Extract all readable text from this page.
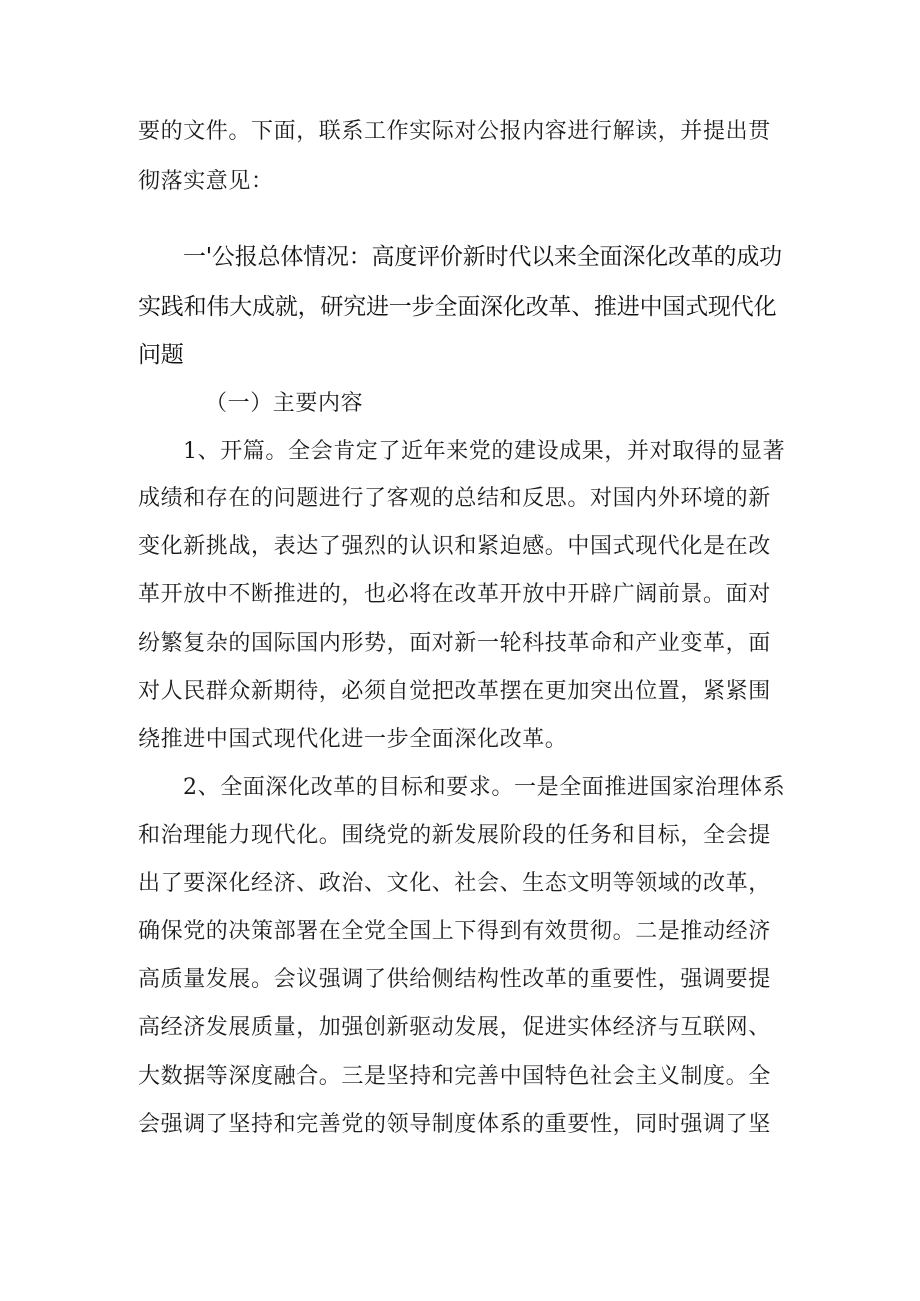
要的文件。下面，联系工作实际对公报内容进行解读，并提出贯
彻落实意见：
一'公报总体情况：高度评价新时代以来全面深化改革的成功
实践和伟大成就，研究进一步全面深化改革、推进中国式现代化
问题
（一）主要内容
1、开篇。全会肯定了近年来党的建设成果，并对取得的显著
成绩和存在的问题进行了客观的总结和反思。对国内外环境的新
变化新挑战，表达了强烈的认识和紧迫感。中国式现代化是在改
革开放中不断推进的，也必将在改革开放中开辟广阔前景。面对
纷繁复杂的国际国内形势，面对新一轮科技革命和产业变革，面
对人民群众新期待，必须自觉把改革摆在更加突出位置，紧紧围
绕推进中国式现代化进一步全面深化改革。
2、全面深化改革的目标和要求。一是全面推进国家治理体系
和治理能力现代化。围绕党的新发展阶段的任务和目标，全会提
出了要深化经济、政治、文化、社会、生态文明等领域的改革，
确保党的决策部署在全党全国上下得到有效贯彻。二是推动经济
高质量发展。会议强调了供给侧结构性改革的重要性，强调要提
高经济发展质量，加强创新驱动发展，促进实体经济与互联网、
大数据等深度融合。三是坚持和完善中国特色社会主义制度。全
会强调了坚持和完善党的领导制度体系的重要性，同时强调了坚
